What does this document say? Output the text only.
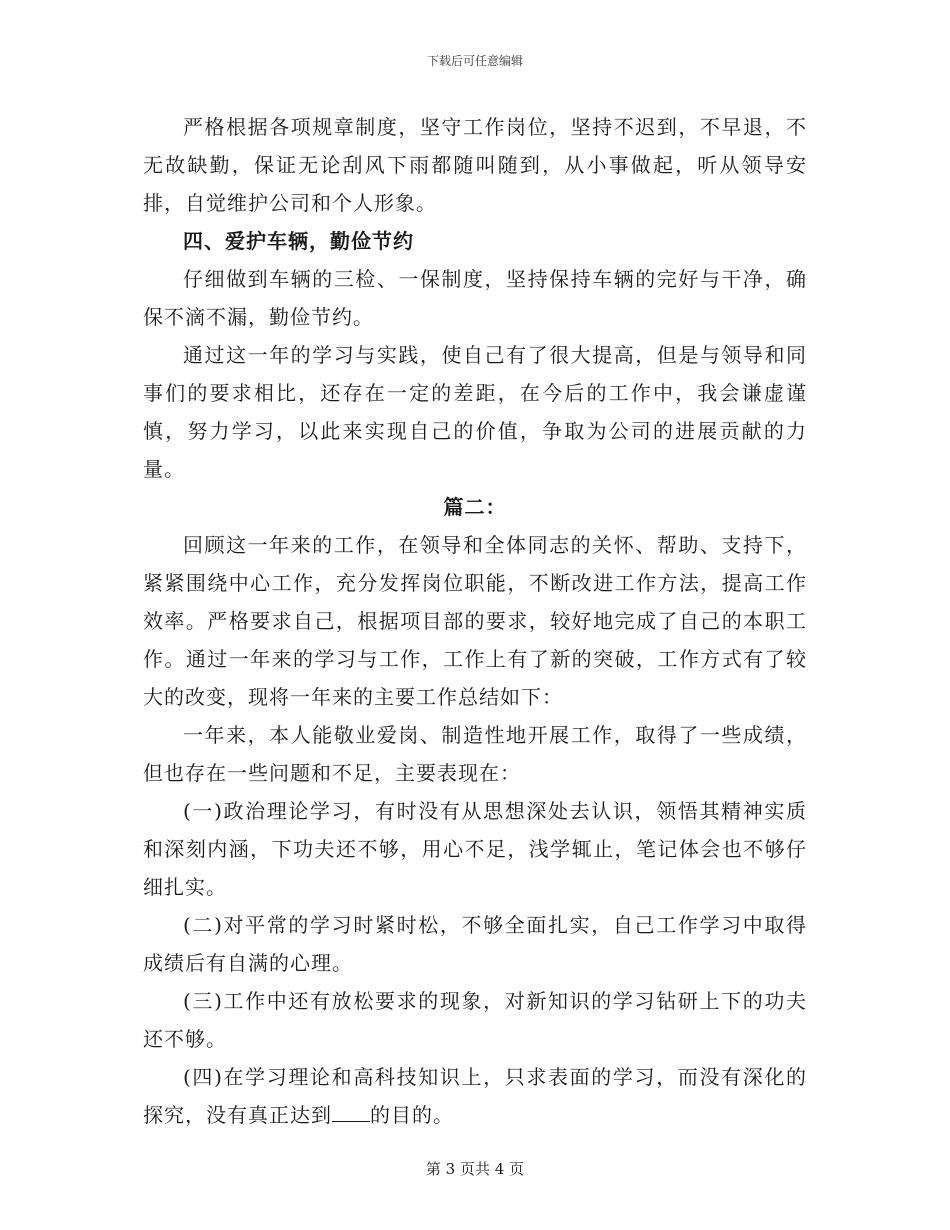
下载后可任意编辑

严格根据各项规章制度，坚守工作岗位，坚持不迟到，不早退，不无故缺勤，保证无论刮风下雨都随叫随到，从小事做起，听从领导安排，自觉维护公司和个人形象。

四、爱护车辆，勤俭节约

仔细做到车辆的三检、一保制度，坚持保持车辆的完好与干净，确保不滴不漏，勤俭节约。

通过这一年的学习与实践，使自己有了很大提高，但是与领导和同事们的要求相比，还存在一定的差距，在今后的工作中，我会谦虚谨慎，努力学习，以此来实现自己的价值，争取为公司的进展贡献的力量。

篇二：

回顾这一年来的工作，在领导和全体同志的关怀、帮助、支持下，紧紧围绕中心工作，充分发挥岗位职能，不断改进工作方法，提高工作效率。严格要求自己，根据项目部的要求，较好地完成了自己的本职工作。通过一年来的学习与工作，工作上有了新的突破，工作方式有了较大的改变，现将一年来的主要工作总结如下：

一年来，本人能敬业爱岗、制造性地开展工作，取得了一些成绩，但也存在一些问题和不足，主要表现在：

(一)政治理论学习，有时没有从思想深处去认识，领悟其精神实质和深刻内涵，下功夫还不够，用心不足，浅学辄止，笔记体会也不够仔细扎实。

(二)对平常的学习时紧时松，不够全面扎实，自己工作学习中取得成绩后有自满的心理。

(三)工作中还有放松要求的现象，对新知识的学习钻研上下的功夫还不够。

(四)在学习理论和高科技知识上，只求表面的学习，而没有深化的探究，没有真正达到 的目的。

第 3 页共 4 页
